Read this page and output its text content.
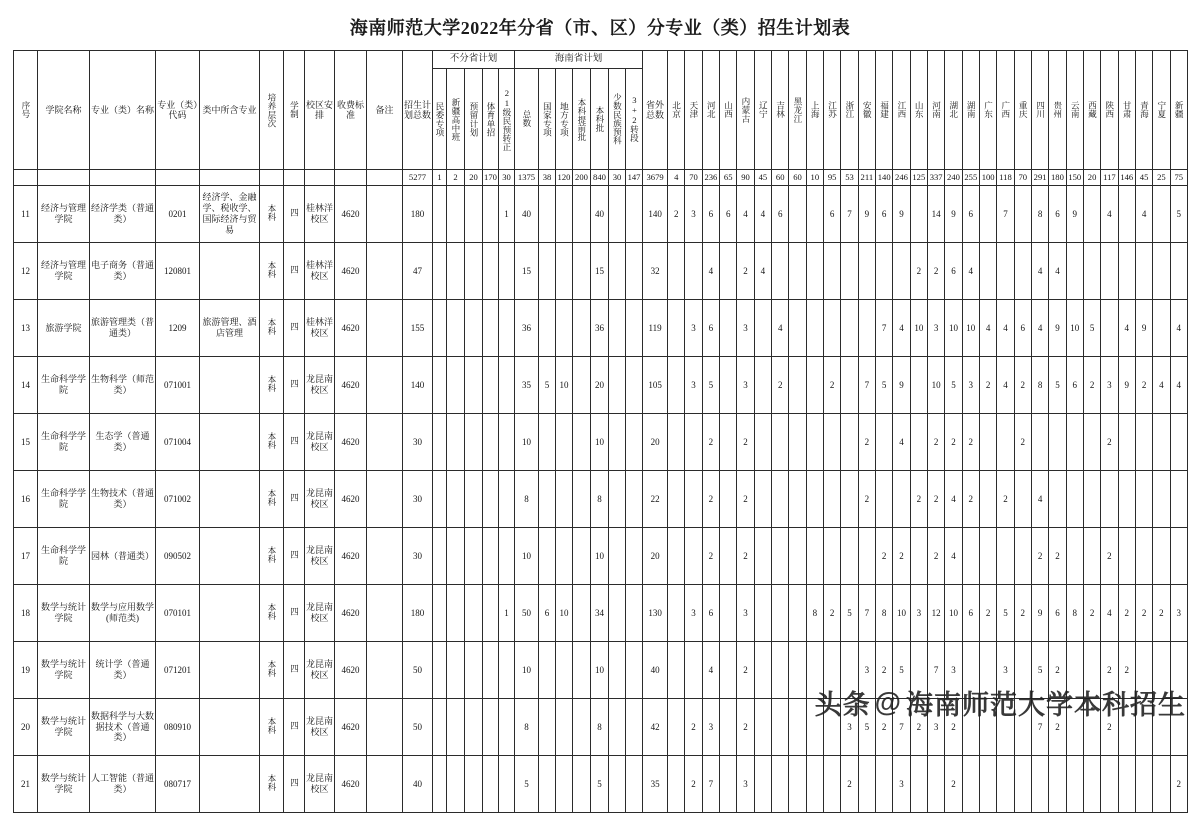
海南师范大学2022年分省（市、区）分专业（类）招生计划表
序号	学院名称	专业（类）名称	专业（类）代码	类中所含专业	培养层次	学制	校区安排	收费标准	备注	招生计划总数	不分省计划					海南省计划							省外总数	北京	天津	河北	山西	内蒙古	辽宁	吉林	黑龙江	上海	江苏	浙江	安徽	福建	江西	山东	河南	湖北	湖南	广东	广西	重庆	四川	贵州	云南	西藏	陕西	甘肃	青海	宁夏	新疆

											民委专项	新疆高中班	预留计划	体育单招	21级民预转正	总数	国家专项	地方专项	本科提前批	本科批	少数民族预科	3+2转段																															

										5277	1	2	20	170	30	1375	38	120	200	840	30	147	3679	4	70	236	65	90	45	60	60	10	95	53	211	140	246	125	337	240	255	100	118	70	291	180	150	20	117	146	45	25	75
11	经济与管理学院	经济学类（普通类）	0201	经济学、金融学、税收学、国际经济与贸易	本科	四	桂林洋校区	4620		180					1	40				40			140	2	3	6	6	4	4	6			6	7	9	6	9		14	9	6		7		8	6	9		4		4		5
12	经济与管理学院	电子商务（普通类）	120801		本科	四	桂林洋校区	4620		47						15				15			32			4		2	4									2	2	6	4				4	4							
13	旅游学院	旅游管理类（普通类）	1209	旅游管理、酒店管理	本科	四	桂林洋校区	4620		155						36				36			119		3	6		3		4						7	4	10	3	10	10	4	4	6	4	9	10	5		4	9		4
14	生命科学学院	生物科学（师范类）	071001		本科	四	龙昆南校区	4620		140						35	5	10		20			105		3	5		3		2			2		7	5	9		10	5	3	2	4	2	8	5	6	2	3	9	2	4	4
15	生命科学学院	生态学（普通类）	071004		本科	四	龙昆南校区	4620		30						10				10			20			2		2							2		4		2	2	2			2					2				
16	生命科学学院	生物技术（普通类）	071002		本科	四	龙昆南校区	4620		30						8				8			22			2		2							2			2	2	4	2		2		4								
17	生命科学学院	园林（普通类）	090502		本科	四	龙昆南校区	4620		30						10				10			20			2		2								2	2		2	4					2	2			2				
18	数学与统计学院	数学与应用数学(师范类)	070101		本科	四	龙昆南校区	4620		180					1	50	6	10		34			130		3	6		3				8	2	5	7	8	10	3	12	10	6	2	5	2	9	6	8	2	4	2	2	2	3
19	数学与统计学院	统计学（普通类）	071201		本科	四	龙昆南校区	4620		50						10				10			40			4		2							3	2	5		7	3			3		5	2			2	2			
20	数学与统计学院	数据科学与大数据技术（普通类）	080910		本科	四	龙昆南校区	4620		50						8				8			42		2	3		2						3	5	2	7	2	3	2					7	2			2				
21	数学与统计学院	人工智能（普通类）	080717		本科	四	龙昆南校区	4620		40						5				5			35		2	7		3						2			3			2													2
头条 @ 海南师范大学本科招生
